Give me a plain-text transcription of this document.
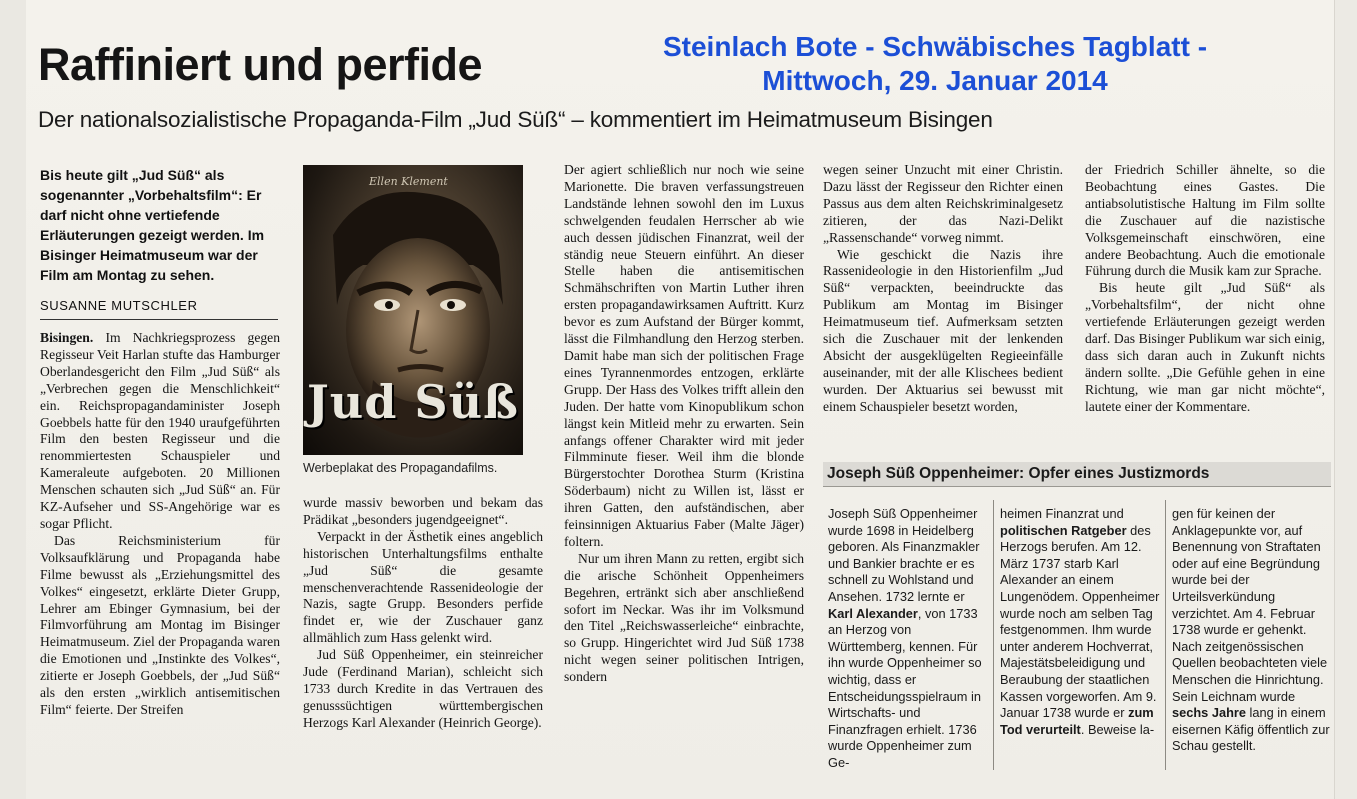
Raffiniert und perfide	Steinlach Bote - Schwäbisches Tagblatt -
Mittwoch, 29. Januar 2014
Der nationalsozialistische Propaganda-Film „Jud Süß“ – kommentiert im Heimatmuseum Bisingen
Bis heute gilt „Jud Süß“ als sogenannter „Vorbehaltsfilm“: Er darf nicht ohne vertiefende Erläuterungen gezeigt werden. Im Bisinger Heimatmuseum war der Film am Montag zu sehen.
SUSANNE MUTSCHLER

Bisingen. Im Nachkriegsprozess gegen Regisseur Veit Harlan stufte das Hamburger Oberlandesgericht den Film „Jud Süß“ als „Verbrechen gegen die Menschlichkeit“ ein. Reichspropagandaminister Joseph Goebbels hatte für den 1940 uraufgeführten Film den besten Regisseur und die renommiertesten Schauspieler und Kameraleute aufgeboten. 20 Millionen Menschen schauten sich „Jud Süß“ an. Für KZ-Aufseher und SS-Angehörige war es sogar Pflicht.

Das Reichsministerium für Volksaufklärung und Propaganda habe Filme bewusst als „Erziehungsmittel des Volkes“ eingesetzt, erklärte Dieter Grupp, Lehrer am Ebinger Gymnasium, bei der Filmvorführung am Montag im Bisinger Heimatmuseum. Ziel der Propaganda waren die Emotionen und „Instinkte des Volkes“, zitierte er Joseph Goebbels, der „Jud Süß“ als den ersten „wirklich antisemitischen Film“ feierte. Der Streifen

Ellen Klement
Jud Süß
Werbeplakat des Propagandafilms.

wurde massiv beworben und bekam das Prädikat „besonders jugendgeeignet“.

Verpackt in der Ästhetik eines angeblich historischen Unterhaltungsfilms enthalte „Jud Süß“ die gesamte menschenverachtende Rassenideologie der Nazis, sagte Grupp. Besonders perfide findet er, wie der Zuschauer ganz allmählich zum Hass gelenkt wird.

Jud Süß Oppenheimer, ein steinreicher Jude (Ferdinand Marian), schleicht sich 1733 durch Kredite in das Vertrauen des genusssüchtigen württembergischen Herzogs Karl Alexander (Heinrich George).

Der agiert schließlich nur noch wie seine Marionette. Die braven verfassungstreuen Landstände lehnen sowohl den im Luxus schwelgenden feudalen Herrscher ab wie auch dessen jüdischen Finanzrat, weil der ständig neue Steuern einführt. An dieser Stelle haben die antisemitischen Schmähschriften von Martin Luther ihren ersten propagandawirksamen Auftritt. Kurz bevor es zum Aufstand der Bürger kommt, lässt die Filmhandlung den Herzog sterben. Damit habe man sich der politischen Frage eines Tyrannenmordes entzogen, erklärte Grupp. Der Hass des Volkes trifft allein den Juden. Der hatte vom Kinopublikum schon längst kein Mitleid mehr zu erwarten. Sein anfangs offener Charakter wird mit jeder Filmminute fieser. Weil ihm die blonde Bürgerstochter Dorothea Sturm (Kristina Söderbaum) nicht zu Willen ist, lässt er ihren Gatten, den aufständischen, aber feinsinnigen Aktuarius Faber (Malte Jäger) foltern.

Nur um ihren Mann zu retten, ergibt sich die arische Schönheit Oppenheimers Begehren, ertränkt sich aber anschließend sofort im Neckar. Was ihr im Volksmund den Titel „Reichswasserleiche“ einbrachte, so Grupp. Hingerichtet wird Jud Süß 1738 nicht wegen seiner politischen Intrigen, sondern

wegen seiner Unzucht mit einer Christin. Dazu lässt der Regisseur den Richter einen Passus aus dem alten Reichskriminalgesetz zitieren, der das Nazi-Delikt „Rassenschande“ vorweg nimmt.

Wie geschickt die Nazis ihre Rassenideologie in den Historienfilm „Jud Süß“ verpackten, beeindruckte das Publikum am Montag im Bisinger Heimatmuseum tief. Aufmerksam setzten sich die Zuschauer mit der lenkenden Absicht der ausgeklügelten Regieeinfälle auseinander, mit der alle Klischees bedient wurden. Der Aktuarius sei bewusst mit einem Schauspieler besetzt worden,

der Friedrich Schiller ähnelte, so die Beobachtung eines Gastes. Die antiabsolutistische Haltung im Film sollte die Zuschauer auf die nazistische Volksgemeinschaft einschwören, eine andere Beobachtung. Auch die emotionale Führung durch die Musik kam zur Sprache.

Bis heute gilt „Jud Süß“ als „Vorbehaltsfilm“, der nicht ohne vertiefende Erläuterungen gezeigt werden darf. Das Bisinger Publikum war sich einig, dass sich daran auch in Zukunft nichts ändern sollte. „Die Gefühle gehen in eine Richtung, wie man gar nicht möchte“, lautete einer der Kommentare.

Joseph Süß Oppenheimer: Opfer eines Justizmords
Joseph Süß Oppenheimer wurde 1698 in Heidelberg geboren. Als Finanzmakler und Bankier brachte er es schnell zu Wohlstand und Ansehen. 1732 lernte er Karl Alexander, von 1733 an Herzog von Württemberg, kennen. Für ihn wurde Oppenheimer so wichtig, dass er Entscheidungsspielraum in Wirtschafts- und Finanzfragen erhielt. 1736 wurde Oppenheimer zum Ge-
heimen Finanzrat und politischen Ratgeber des Herzogs berufen. Am 12. März 1737 starb Karl Alexander an einem Lungenödem. Oppenheimer wurde noch am selben Tag festgenommen. Ihm wurde unter anderem Hochverrat, Majestätsbeleidigung und Beraubung der staatlichen Kassen vorgeworfen. Am 9. Januar 1738 wurde er zum Tod verurteilt. Beweise la-
gen für keinen der Anklagepunkte vor, auf Benennung von Straftaten oder auf eine Begründung wurde bei der Urteilsverkündung verzichtet. Am 4. Februar 1738 wurde er gehenkt. Nach zeitgenössischen Quellen beobachteten viele Menschen die Hinrichtung. Sein Leichnam wurde sechs Jahre lang in einem eisernen Käfig öffentlich zur Schau gestellt.
